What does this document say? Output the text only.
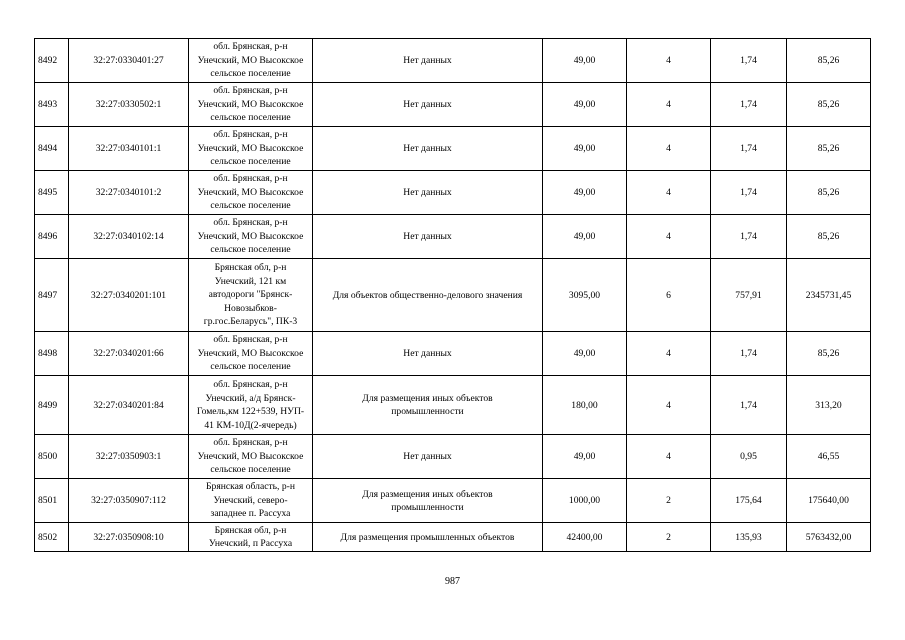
8492	32:27:0330401:27	обл. Брянская, р-н
Унечский, МО Высокское
сельское поселение	Нет данных	49,00	4	1,74	85,26
8493	32:27:0330502:1	обл. Брянская, р-н
Унечский, МО Высокское
сельское поселение	Нет данных	49,00	4	1,74	85,26
8494	32:27:0340101:1	обл. Брянская, р-н
Унечский, МО Высокское
сельское поселение	Нет данных	49,00	4	1,74	85,26
8495	32:27:0340101:2	обл. Брянская, р-н
Унечский, МО Высокское
сельское поселение	Нет данных	49,00	4	1,74	85,26
8496	32:27:0340102:14	обл. Брянская, р-н
Унечский, МО Высокское
сельское поселение	Нет данных	49,00	4	1,74	85,26
8497	32:27:0340201:101	Брянская обл, р-н
Унечский, 121 км
автодороги "Брянск-
Новозыбков-
гр.гос.Беларусь", ПК-3	Для объектов общественно-делового значения	3095,00	6	757,91	2345731,45
8498	32:27:0340201:66	обл. Брянская, р-н
Унечский, МО Высокское
сельское поселение	Нет данных	49,00	4	1,74	85,26
8499	32:27:0340201:84	обл. Брянская, р-н
Унечский, а/д Брянск-
Гомель,км 122+539, НУП-
41 КМ-10Д(2-ячередь)	Для размещения иных объектов
промышленности	180,00	4	1,74	313,20
8500	32:27:0350903:1	обл. Брянская, р-н
Унечский, МО Высокское
сельское поселение	Нет данных	49,00	4	0,95	46,55
8501	32:27:0350907:112	Брянская область, р-н
Унечский, северо-
западнее п. Рассуха	Для размещения иных объектов
промышленности	1000,00	2	175,64	175640,00
8502	32:27:0350908:10	Брянская обл, р-н
Унечский, п Рассуха	Для размещения промышленных объектов	42400,00	2	135,93	5763432,00
987
